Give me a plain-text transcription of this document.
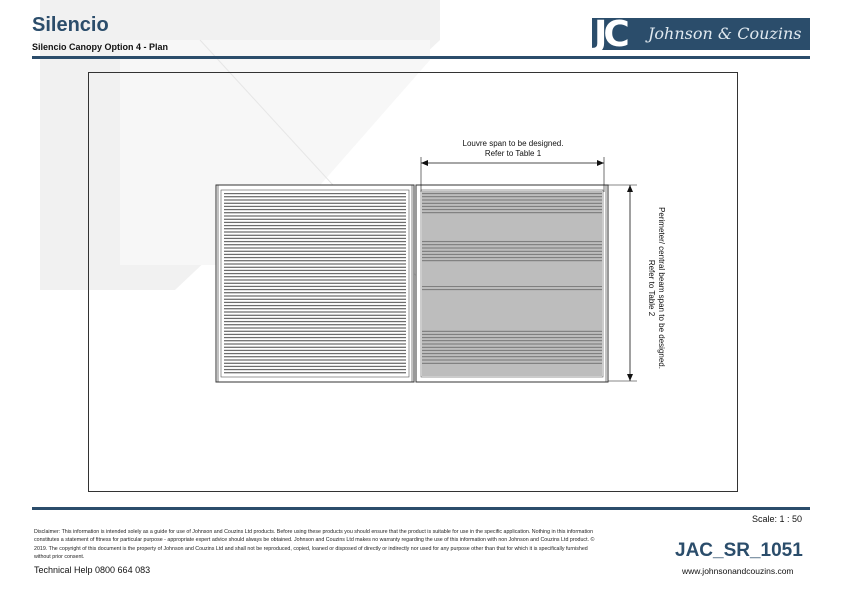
Silencio
Silencio Canopy Option 4 - Plan	JC Johnson & Couzins
Louvre span to be designed.
Refer to Table 1
Perimeter/ central beam span to be designed.
Refer to Table 2
Scale: 1 : 50
Disclaimer: This information is intended solely as a guide for use of Johnson and Couzins Ltd products. Before using these products you should ensure that the product is suitable for use in the specific application. Nothing in this information constitutes a statement of fitness for particular purpose - appropriate expert advice should always be obtained. Johnson and Couzins Ltd makes no warranty regarding the use of this information with non Johnson and Couzins Ltd product. © 2019. The copyright of this document is the property of Johnson and Couzins Ltd and shall not be reproduced, copied, loaned or disposed of directly or indirectly nor used for any purpose other than that for which it is specifically furnished without prior consent.
Technical Help 0800 664 083
JAC_SR_1051
www.johnsonandcouzins.com
